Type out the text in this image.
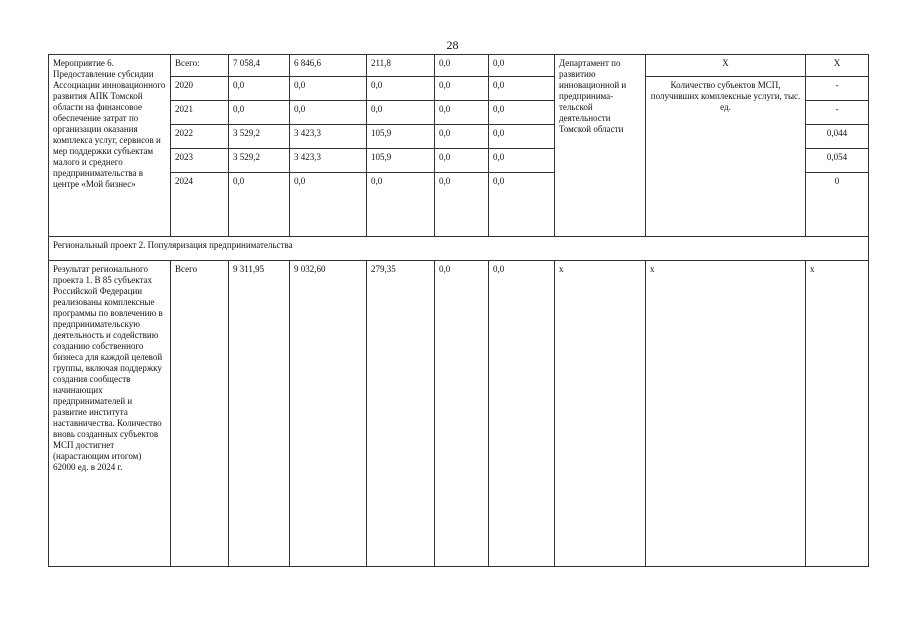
28
Мероприятие 6. Предоставление субсидии Ассоциации инновационного развития АПК Томской области на финансовое обеспечение затрат по организации оказания комплекса услуг, сервисов и мер поддержки субъектам малого и среднего предпринимательства в центре «Мой бизнес»	Всего:	7 058,4	6 846,6	211,8	0,0	0,0	Департамент по развитию инновационной и предпринима-тельской деятельности Томской области	Х	Х
	2020	0,0	0,0	0,0	0,0	0,0		Количество субъектов МСП, получивших комплексные услуги, тыс. ед.	-
	2021	0,0	0,0	0,0	0,0	0,0			-
	2022	3 529,2	3 423,3	105,9	0,0	0,0			0,044
	2023	3 529,2	3 423,3	105,9	0,0	0,0			0,054
	2024	0,0	0,0	0,0	0,0	0,0			0
Региональный проект 2. Популяризация предпринимательства									
Результат регионального проекта 1. В 85 субъектах Российской Федерации реализованы комплексные программы по вовлечению в предпринимательскую деятельность и содействию созданию собственного бизнеса для каждой целевой группы, включая поддержку создания сообществ начинающих предпринимателей и развитие института наставничества. Количество вновь созданных субъектов МСП достигнет (нарастающим итогом) 62000 ед. в 2024 г.	Всего	9 311,95	9 032,60	279,35	0,0	0,0	х	х	х
